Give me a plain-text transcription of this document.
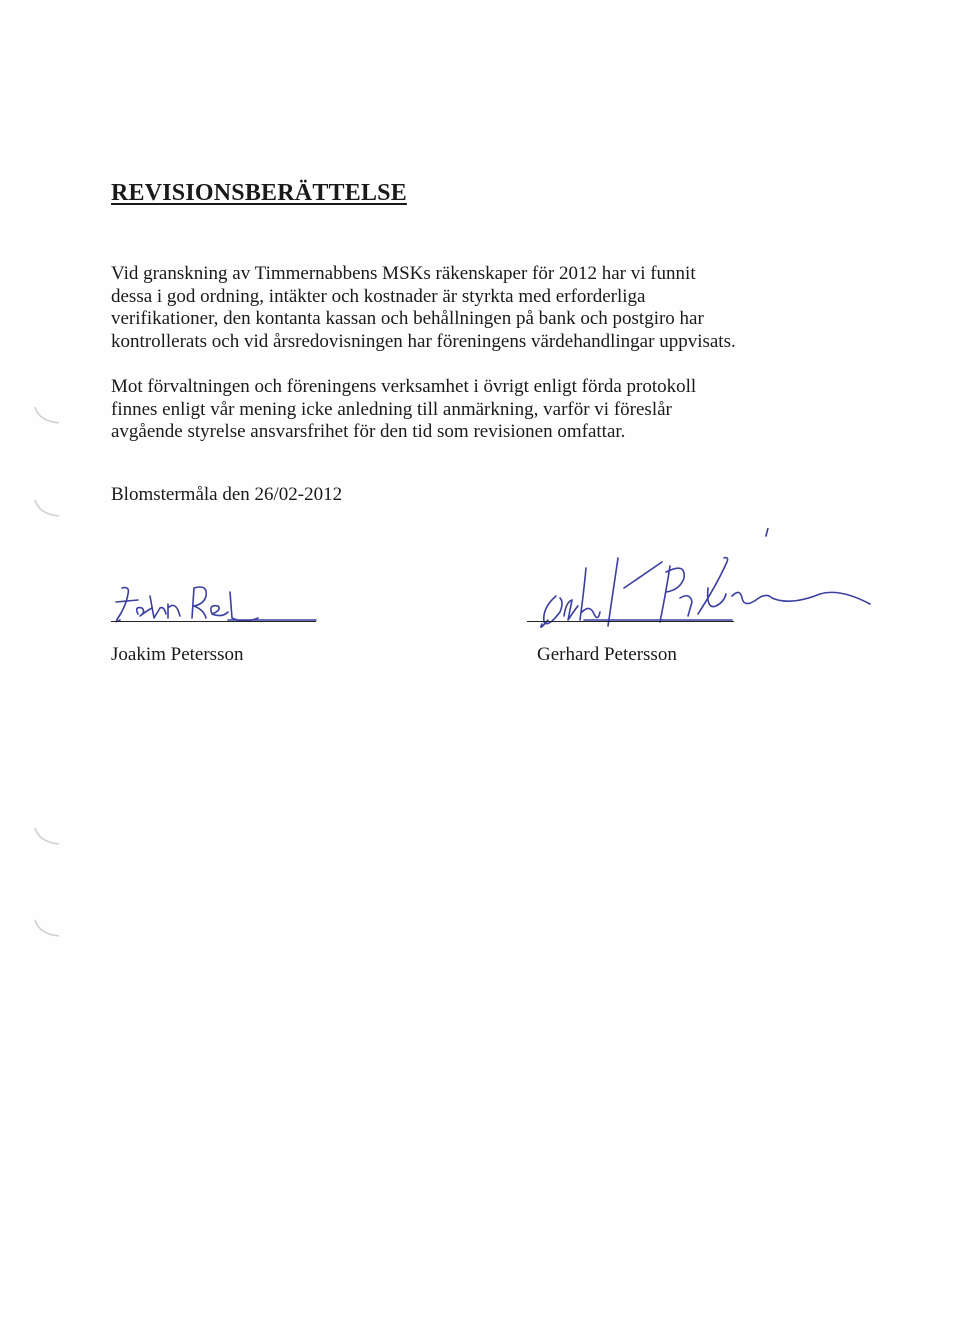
REVISIONSBERÄTTELSE

Vid granskning av Timmernabbens MSKs räkenskaper för 2012 har vi funnit
dessa i god ordning, intäkter och kostnader är styrkta med erforderliga
verifikationer, den kontanta kassan och behållningen på bank och postgiro har
kontrollerats och vid årsredovisningen har föreningens värdehandlingar uppvisats.

Mot förvaltningen och föreningens verksamhet i övrigt enligt förda protokoll
finnes enligt vår mening icke anledning till anmärkning, varför vi föreslår
avgående styrelse ansvarsfrihet för den tid som revisionen omfattar.

Blomstermåla den 26/02-2012

Joakim Petersson	Gerhard Petersson
